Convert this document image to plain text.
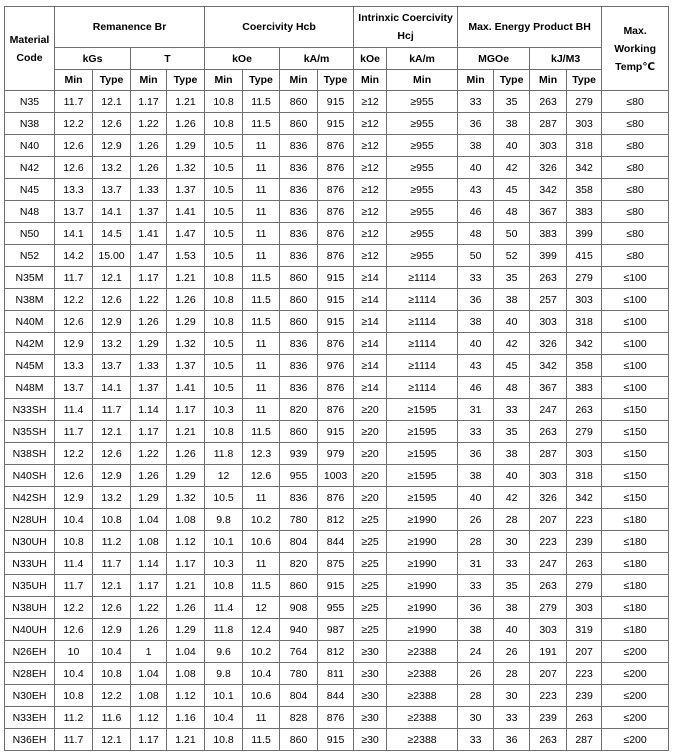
Material Code	Remanence Br				Coercivity Hcb				Intrinxic Coercivity Hcj		Max. Energy Product BH				Max. Working Temp℃
	kGs		T		kOe		kA/m		kOe	kA/m	MGOe		kJ/M3		
	Min	Type	Min	Type	Min	Type	Min	Type	Min	Min	Min	Type	Min	Type	
N35	11.7	12.1	1.17	1.21	10.8	11.5	860	915	≥12	≥955	33	35	263	279	≤80
N38	12.2	12.6	1.22	1.26	10.8	11.5	860	915	≥12	≥955	36	38	287	303	≤80
N40	12.6	12.9	1.26	1.29	10.5	11	836	876	≥12	≥955	38	40	303	318	≤80
N42	12.6	13.2	1.26	1.32	10.5	11	836	876	≥12	≥955	40	42	326	342	≤80
N45	13.3	13.7	1.33	1.37	10.5	11	836	876	≥12	≥955	43	45	342	358	≤80
N48	13.7	14.1	1.37	1.41	10.5	11	836	876	≥12	≥955	46	48	367	383	≤80
N50	14.1	14.5	1.41	1.47	10.5	11	836	876	≥12	≥955	48	50	383	399	≤80
N52	14.2	15.00	1.47	1.53	10.5	11	836	876	≥12	≥955	50	52	399	415	≤80
N35M	11.7	12.1	1.17	1.21	10.8	11.5	860	915	≥14	≥1114	33	35	263	279	≤100
N38M	12.2	12.6	1.22	1.26	10.8	11.5	860	915	≥14	≥1114	36	38	257	303	≤100
N40M	12.6	12.9	1.26	1.29	10.8	11.5	860	915	≥14	≥1114	38	40	303	318	≤100
N42M	12.9	13.2	1.29	1.32	10.5	11	836	876	≥14	≥1114	40	42	326	342	≤100
N45M	13.3	13.7	1.33	1.37	10.5	11	836	976	≥14	≥1114	43	45	342	358	≤100
N48M	13.7	14.1	1.37	1.41	10.5	11	836	876	≥14	≥1114	46	48	367	383	≤100
N33SH	11.4	11.7	1.14	1.17	10.3	11	820	876	≥20	≥1595	31	33	247	263	≤150
N35SH	11.7	12.1	1.17	1.21	10.8	11.5	860	915	≥20	≥1595	33	35	263	279	≤150
N38SH	12.2	12.6	1.22	1.26	11.8	12.3	939	979	≥20	≥1595	36	38	287	303	≤150
N40SH	12.6	12.9	1.26	1.29	12	12.6	955	1003	≥20	≥1595	38	40	303	318	≤150
N42SH	12.9	13.2	1.29	1.32	10.5	11	836	876	≥20	≥1595	40	42	326	342	≤150
N28UH	10.4	10.8	1.04	1.08	9.8	10.2	780	812	≥25	≥1990	26	28	207	223	≤180
N30UH	10.8	11.2	1.08	1.12	10.1	10.6	804	844	≥25	≥1990	28	30	223	239	≤180
N33UH	11.4	11.7	1.14	1.17	10.3	11	820	875	≥25	≥1990	31	33	247	263	≤180
N35UH	11.7	12.1	1.17	1.21	10.8	11.5	860	915	≥25	≥1990	33	35	263	279	≤180
N38UH	12.2	12.6	1.22	1.26	11.4	12	908	955	≥25	≥1990	36	38	279	303	≤180
N40UH	12.6	12.9	1.26	1.29	11.8	12.4	940	987	≥25	≥1990	38	40	303	319	≤180
N26EH	10	10.4	1	1.04	9.6	10.2	764	812	≥30	≥2388	24	26	191	207	≤200
N28EH	10.4	10.8	1.04	1.08	9.8	10.4	780	811	≥30	≥2388	26	28	207	223	≤200
N30EH	10.8	12.2	1.08	1.12	10.1	10.6	804	844	≥30	≥2388	28	30	223	239	≤200
N33EH	11.2	11.6	1.12	1.16	10.4	11	828	876	≥30	≥2388	30	33	239	263	≤200
N36EH	11.7	12.1	1.17	1.21	10.8	11.5	860	915	≥30	≥2388	33	36	263	287	≤200
